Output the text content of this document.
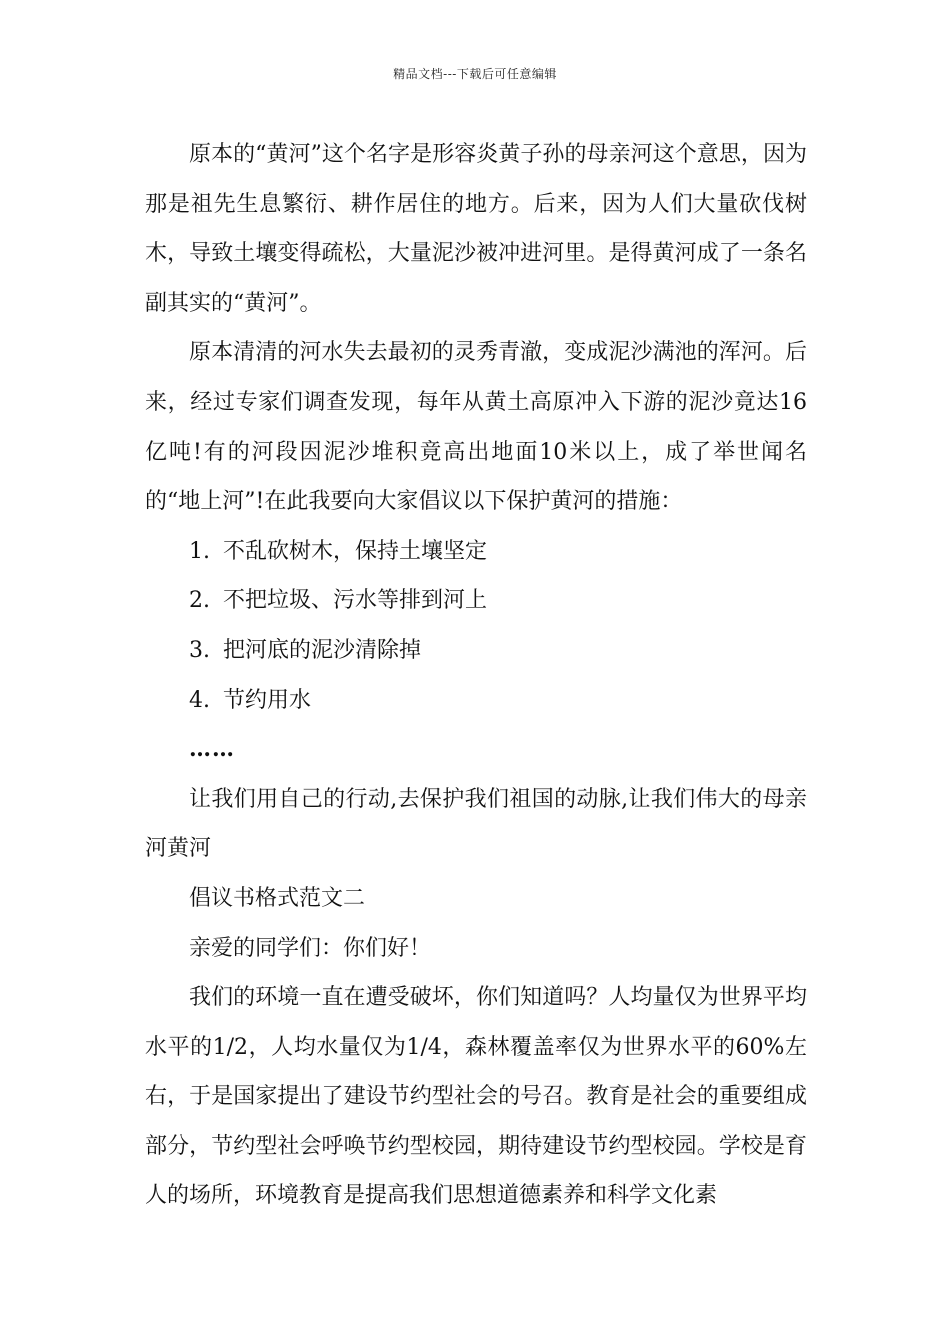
精品文档---下载后可任意编辑

原本的“黄河”这个名字是形容炎黄子孙的母亲河这个意思，因为那是祖先生息繁衍、耕作居住的地方。后来，因为人们大量砍伐树木，导致土壤变得疏松，大量泥沙被冲进河里。是得黄河成了一条名副其实的“黄河”。

原本清清的河水失去最初的灵秀青澈，变成泥沙满池的浑河。后来，经过专家们调查发现，每年从黄土高原冲入下游的泥沙竟达16亿吨!有的河段因泥沙堆积竟高出地面10米以上，成了举世闻名的“地上河”!在此我要向大家倡议以下保护黄河的措施：

1. 不乱砍树木，保持土壤坚定

2. 不把垃圾、污水等排到河上

3. 把河底的泥沙清除掉

4. 节约用水

……

让我们用自己的行动,去保护我们祖国的动脉,让我们伟大的母亲河黄河

倡议书格式范文二

亲爱的同学们：你们好！

我们的环境一直在遭受破坏，你们知道吗？人均量仅为世界平均水平的1/2，人均水量仅为1/4，森林覆盖率仅为世界水平的60%左右，于是国家提出了建设节约型社会的号召。教育是社会的重要组成部分，节约型社会呼唤节约型校园，期待建设节约型校园。学校是育人的场所，环境教育是提高我们思想道德素养和科学文化素
